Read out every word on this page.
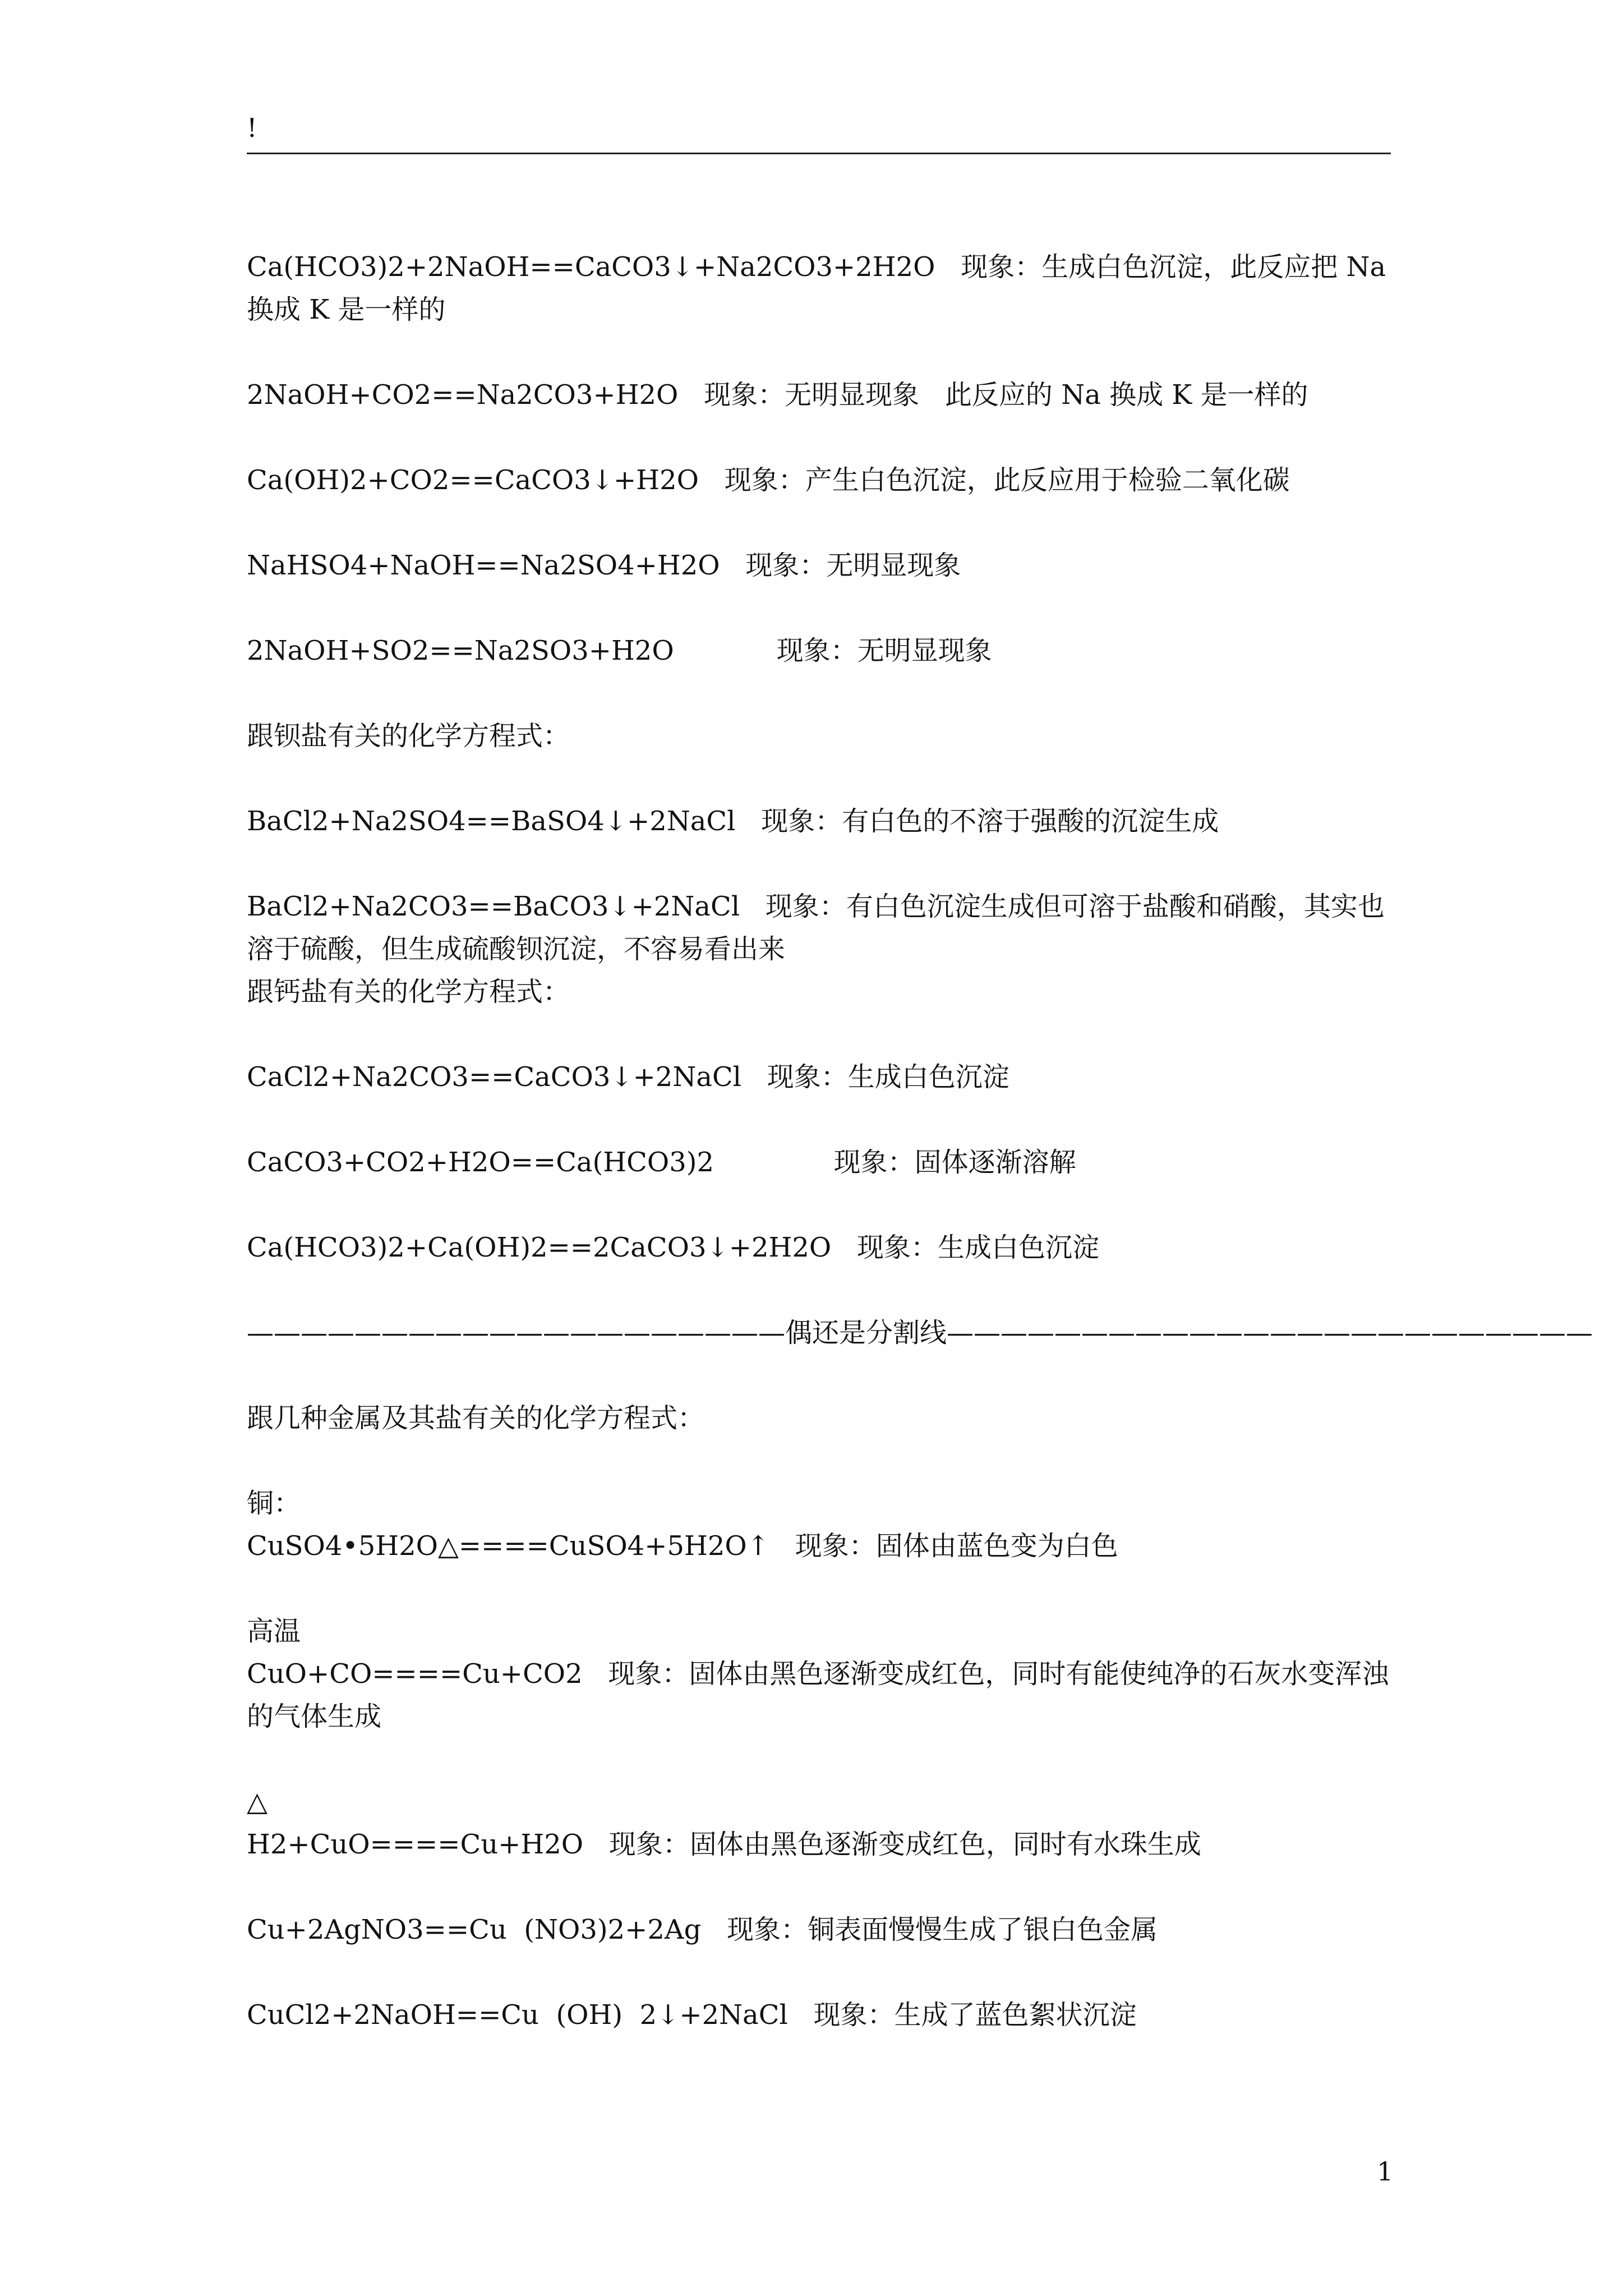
!

Ca(HCO3)2+2NaOH==CaCO3↓+Na2CO3+2H2O   现象：生成白色沉淀，此反应把 Na 换成 K 是一样的

2NaOH+CO2==Na2CO3+H2O   现象：无明显现象   此反应的 Na 换成 K 是一样的

Ca(OH)2+CO2==CaCO3↓+H2O   现象：产生白色沉淀，此反应用于检验二氧化碳

NaHSO4+NaOH==Na2SO4+H2O   现象：无明显现象

2NaOH+SO2==Na2SO3+H2O            现象：无明显现象

跟钡盐有关的化学方程式：

BaCl2+Na2SO4==BaSO4↓+2NaCl   现象：有白色的不溶于强酸的沉淀生成

BaCl2+Na2CO3==BaCO3↓+2NaCl   现象：有白色沉淀生成但可溶于盐酸和硝酸，其实也溶于硫酸，但生成硫酸钡沉淀，不容易看出来

跟钙盐有关的化学方程式：

CaCl2+Na2CO3==CaCO3↓+2NaCl   现象：生成白色沉淀

CaCO3+CO2+H2O==Ca(HCO3)2              现象：固体逐渐溶解

Ca(HCO3)2+Ca(OH)2==2CaCO3↓+2H2O   现象：生成白色沉淀

————————————————————偶还是分割线————————————————————————

跟几种金属及其盐有关的化学方程式：

铜：

CuSO4•5H2O△====CuSO4+5H2O↑   现象：固体由蓝色变为白色

高温

CuO+CO====Cu+CO2   现象：固体由黑色逐渐变成红色，同时有能使纯净的石灰水变浑浊的气体生成

△

H2+CuO====Cu+H2O   现象：固体由黑色逐渐变成红色，同时有水珠生成

Cu+2AgNO3==Cu  (NO3)2+2Ag   现象：铜表面慢慢生成了银白色金属

CuCl2+2NaOH==Cu  (OH)  2↓+2NaCl   现象：生成了蓝色絮状沉淀

1
